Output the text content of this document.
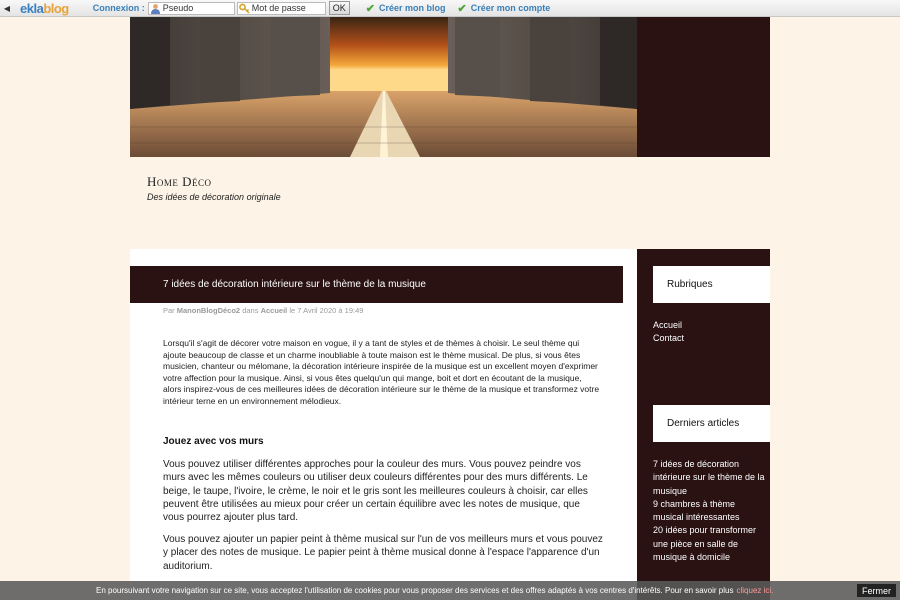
◀ eklablog	Connexion : Pseudo	Mot de passe	OK	✔ Créer mon blog ✔ Créer mon compte
Home Déco
Des idées de décoration originale
7 idées de décoration intérieure sur le thème de la musique
Par ManonBlogDéco2 dans Accueil le 7 Avril 2020 à 19:49
Lorsqu'il s'agit de décorer votre maison en vogue, il y a tant de styles et de thèmes à choisir. Le seul thème qui ajoute beaucoup de classe et un charme inoubliable à toute maison est le thème musical. De plus, si vous êtes musicien, chanteur ou mélomane, la décoration intérieure inspirée de la musique est un excellent moyen d'exprimer votre affection pour la musique. Ainsi, si vous êtes quelqu'un qui mange, boit et dort en écoutant de la musique, alors inspirez-vous de ces meilleures idées de décoration intérieure sur le thème de la musique et transformez votre intérieur terne en un environnement mélodieux.
Jouez avec vos murs
Vous pouvez utiliser différentes approches pour la couleur des murs. Vous pouvez peindre vos murs avec les mêmes couleurs ou utiliser deux couleurs différentes pour des murs différents. Le beige, le taupe, l'ivoire, le crème, le noir et le gris sont les meilleures couleurs à choisir, car elles peuvent être utilisées au mieux pour créer un certain équilibre avec les notes de musique, que vous pourrez ajouter plus tard.
Vous pouvez ajouter un papier peint à thème musical sur l'un de vos meilleurs murs et vous pouvez y placer des notes de musique. Le papier peint à thème musical donne à l'espace l'apparence d'un auditorium.
Rubriques
Accueil
Contact
Derniers articles
7 idées de décoration intérieure sur le thème de la musique
9 chambres à thème musical intéressantes
20 idées pour transformer une pièce en salle de musique à domicile
En poursuivant votre navigation sur ce site, vous acceptez l'utilisation de cookies pour vous proposer des services et des offres adaptés à vos centres d'intérêts. Pour en savoir plus cliquez ici.	Fermer
